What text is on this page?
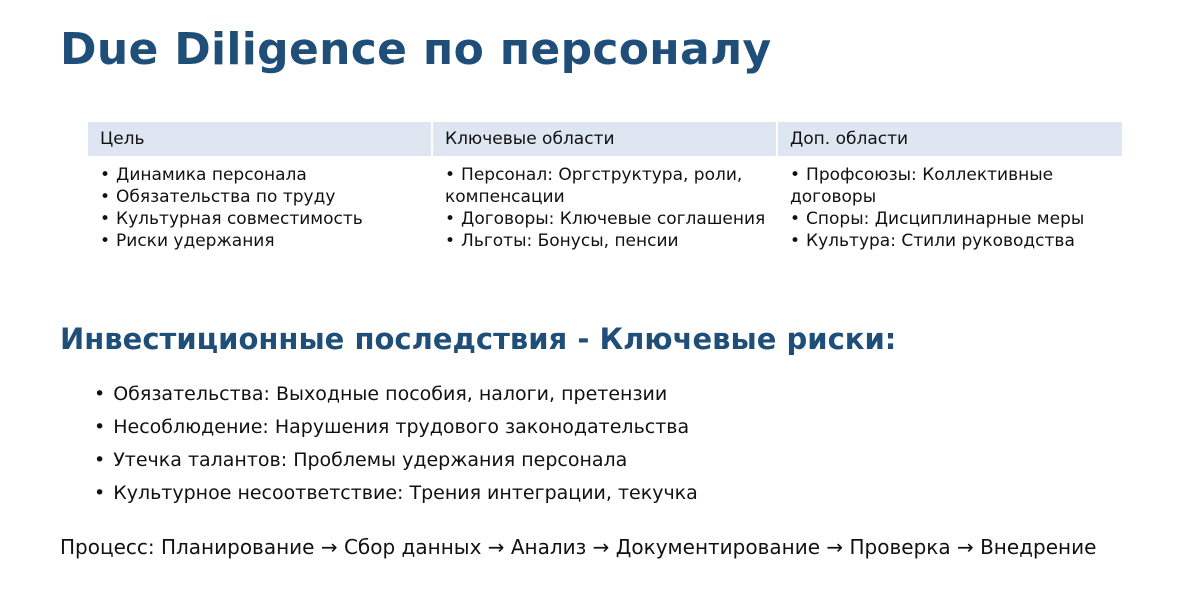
Due Diligence по персоналу
Цель	Ключевые области	Доп. области
• Динамика персонала
• Обязательства по труду
• Культурная совместимость
• Риски удержания
• Персонал: Оргструктура, роли, компенсации
• Договоры: Ключевые соглашения
• Льготы: Бонусы, пенсии
• Профсоюзы: Коллективные договоры
• Споры: Дисциплинарные меры
• Культура: Стили руководства
Инвестиционные последствия - Ключевые риски:
• Обязательства: Выходные пособия, налоги, претензии
• Несоблюдение: Нарушения трудового законодательства
• Утечка талантов: Проблемы удержания персонала
• Культурное несоответствие: Трения интеграции, текучка

Процесс: Планирование → Сбор данных → Анализ → Документирование → Проверка → Внедрение
